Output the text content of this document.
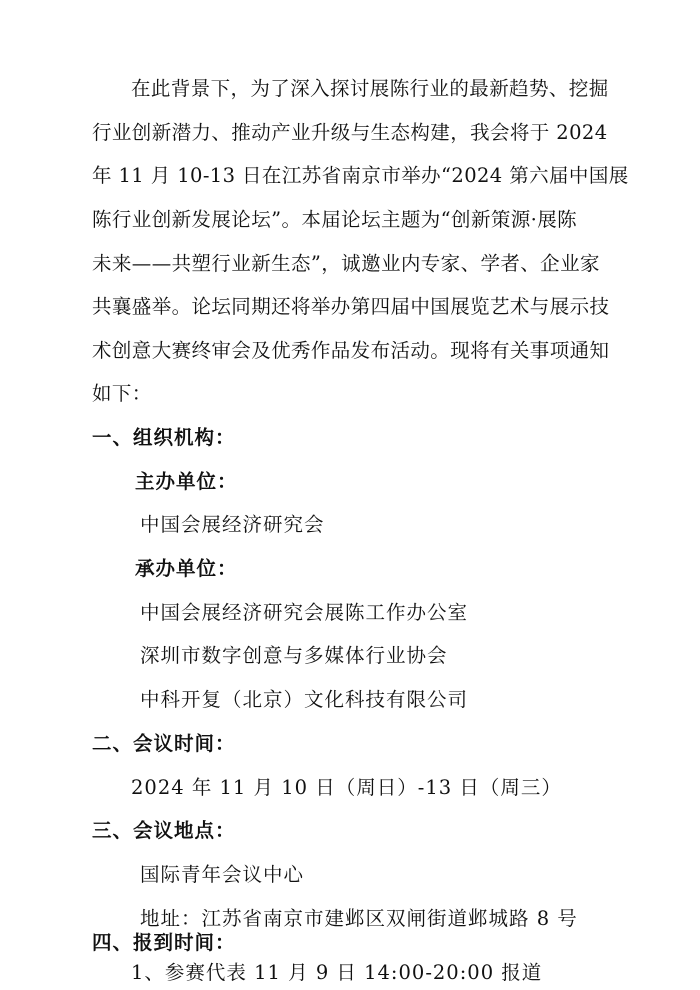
在此背景下，为了深入探讨展陈行业的最新趋势、挖掘
行业创新潜力、推动产业升级与生态构建，我会将于 2024
年 11 月 10-13 日在江苏省南京市举办“2024 第六届中国展
陈行业创新发展论坛”。本届论坛主题为“创新策源·展陈
未来——共塑行业新生态”，诚邀业内专家、学者、企业家
共襄盛举。论坛同期还将举办第四届中国展览艺术与展示技
术创意大赛终审会及优秀作品发布活动。现将有关事项通知
如下：
一、组织机构：
主办单位：
中国会展经济研究会
承办单位：
中国会展经济研究会展陈工作办公室
深圳市数字创意与多媒体行业协会
中科开复（北京）文化科技有限公司
二、会议时间：
2024 年 11 月 10 日（周日）-13 日（周三）
三、会议地点：
国际青年会议中心
地址：江苏省南京市建邺区双闸街道邺城路 8 号
四、报到时间：
1、参赛代表 11 月 9 日 14:00-20:00 报道
